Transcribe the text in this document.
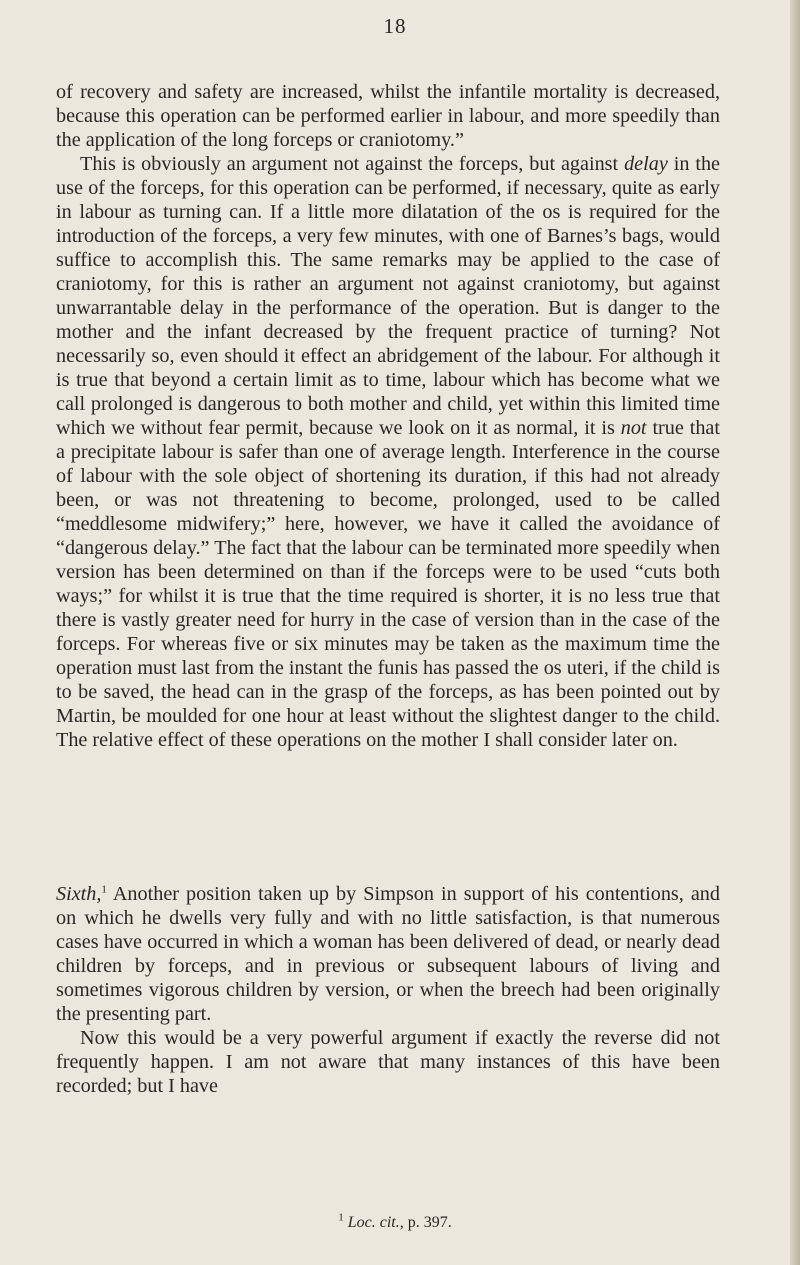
18

of recovery and safety are increased, whilst the infantile mortality is decreased, because this operation can be performed earlier in labour, and more speedily than the application of the long forceps or craniotomy.”

This is obviously an argument not against the forceps, but against delay in the use of the forceps, for this operation can be performed, if necessary, quite as early in labour as turning can. If a little more dilatation of the os is required for the introduction of the forceps, a very few minutes, with one of Barnes’s bags, would suffice to accomplish this. The same remarks may be applied to the case of craniotomy, for this is rather an argument not against craniotomy, but against unwarrantable delay in the performance of the operation. But is danger to the mother and the infant decreased by the frequent practice of turning? Not necessarily so, even should it effect an abridgement of the labour. For although it is true that beyond a certain limit as to time, labour which has become what we call prolonged is dangerous to both mother and child, yet within this limited time which we without fear permit, because we look on it as normal, it is not true that a precipitate labour is safer than one of average length. Interference in the course of labour with the sole object of shortening its duration, if this had not already been, or was not threatening to become, prolonged, used to be called “meddlesome midwifery;” here, however, we have it called the avoidance of “dangerous delay.” The fact that the labour can be terminated more speedily when version has been determined on than if the forceps were to be used “cuts both ways;” for whilst it is true that the time required is shorter, it is no less true that there is vastly greater need for hurry in the case of version than in the case of the forceps. For whereas five or six minutes may be taken as the maximum time the operation must last from the instant the funis has passed the os uteri, if the child is to be saved, the head can in the grasp of the forceps, as has been pointed out by Martin, be moulded for one hour at least without the slightest danger to the child. The relative effect of these operations on the mother I shall consider later on.

Sixth,$^1$ Another position taken up by Simpson in support of his contentions, and on which he dwells very fully and with no little satisfaction, is that numerous cases have occurred in which a woman has been delivered of dead, or nearly dead children by forceps, and in previous or subsequent labours of living and sometimes vigorous children by version, or when the breech had been originally the presenting part.

Now this would be a very powerful argument if exactly the reverse did not frequently happen. I am not aware that many instances of this have been recorded; but I have

$^1$ Loc. cit., p. 397.
